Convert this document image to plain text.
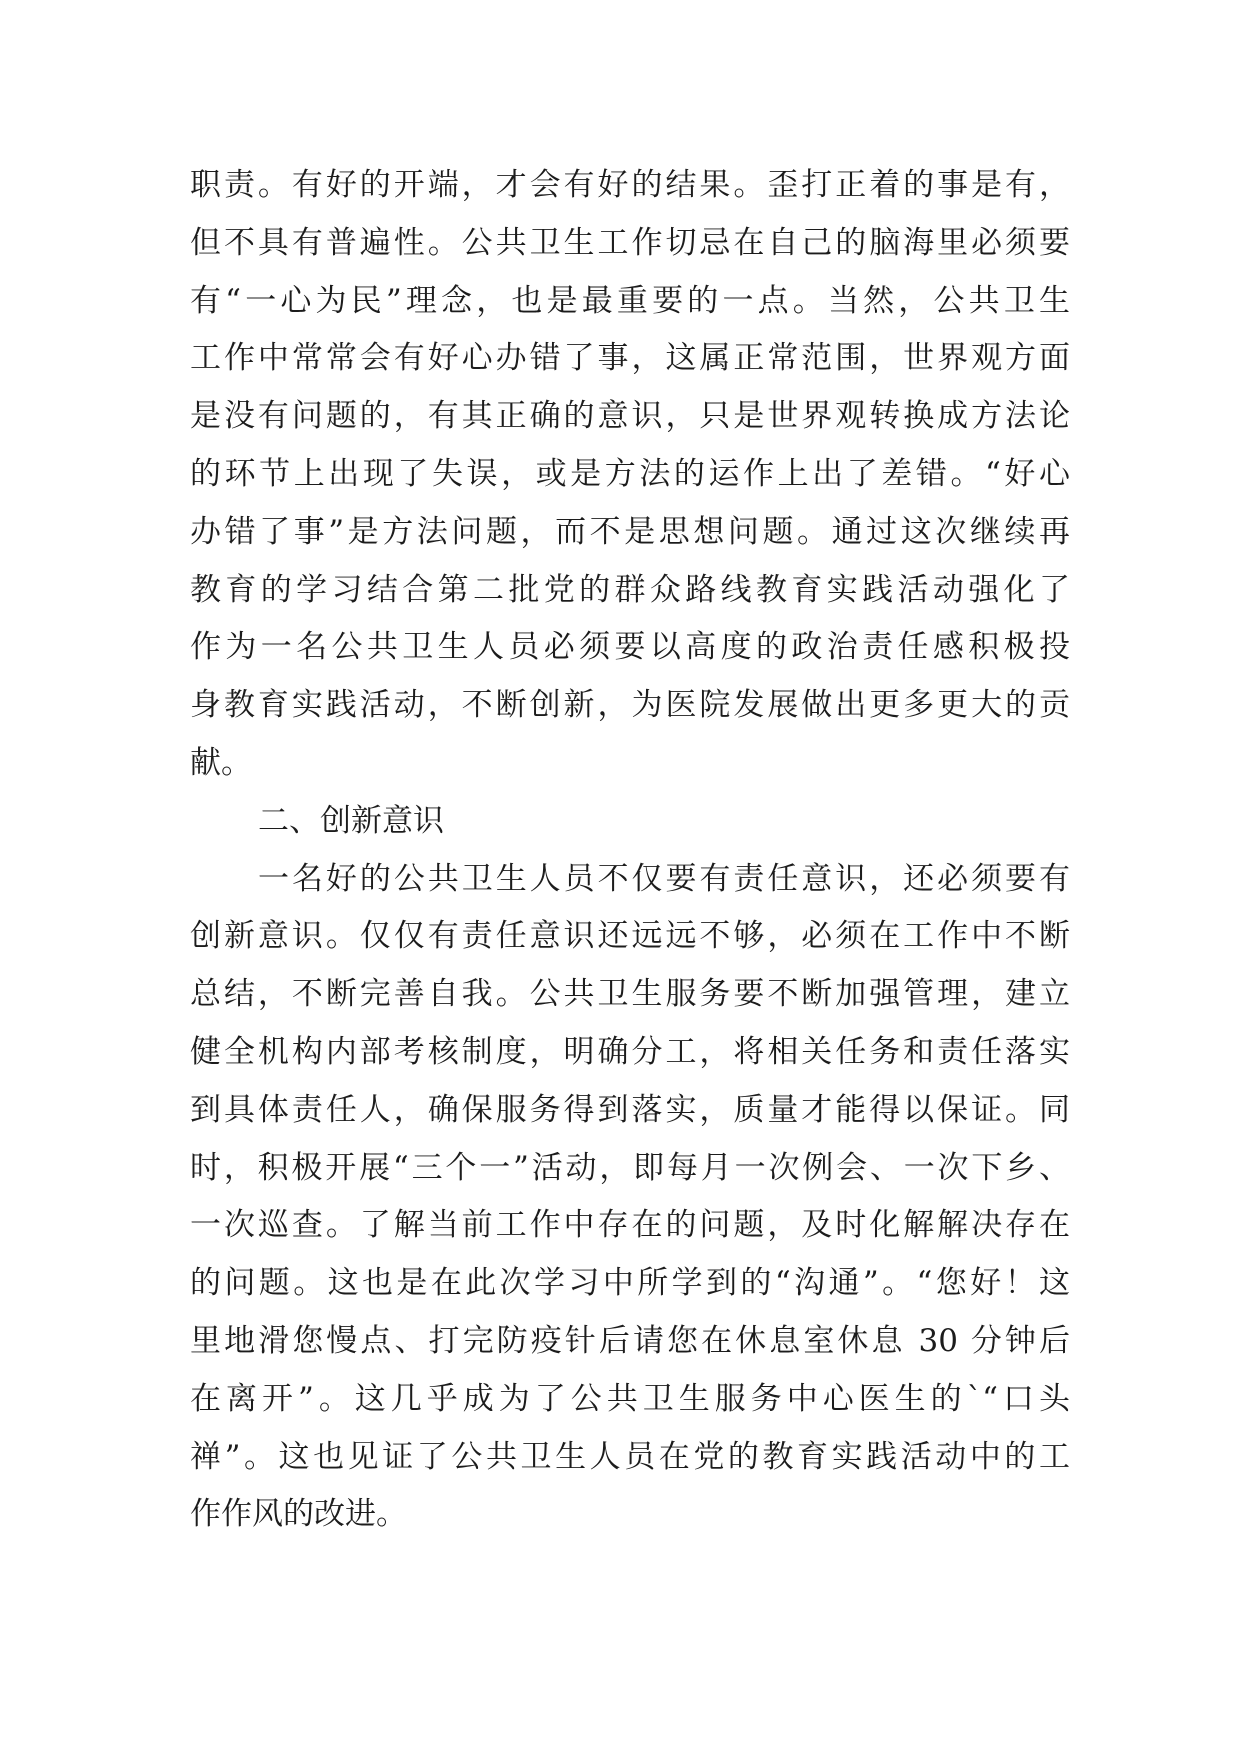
职责。有好的开端，才会有好的结果。歪打正着的事是有，
但不具有普遍性。公共卫生工作切忌在自己的脑海里必须要
有“一心为民”理念，也是最重要的一点。当然，公共卫生
工作中常常会有好心办错了事，这属正常范围，世界观方面
是没有问题的，有其正确的意识，只是世界观转换成方法论
的环节上出现了失误，或是方法的运作上出了差错。“好心
办错了事”是方法问题，而不是思想问题。通过这次继续再
教育的学习结合第二批党的群众路线教育实践活动强化了
作为一名公共卫生人员必须要以高度的政治责任感积极投
身教育实践活动，不断创新，为医院发展做出更多更大的贡
献。
二、创新意识
一名好的公共卫生人员不仅要有责任意识，还必须要有
创新意识。仅仅有责任意识还远远不够，必须在工作中不断
总结，不断完善自我。公共卫生服务要不断加强管理，建立
健全机构内部考核制度，明确分工，将相关任务和责任落实
到具体责任人，确保服务得到落实，质量才能得以保证。同
时，积极开展“三个一”活动，即每月一次例会、一次下乡、
一次巡查。了解当前工作中存在的问题，及时化解解决存在
的问题。这也是在此次学习中所学到的“沟通”。“您好！这
里地滑您慢点、打完防疫针后请您在休息室休息 30 分钟后
在离开”。这几乎成为了公共卫生服务中心医生的`“口头
禅”。这也见证了公共卫生人员在党的教育实践活动中的工
作作风的改进。
